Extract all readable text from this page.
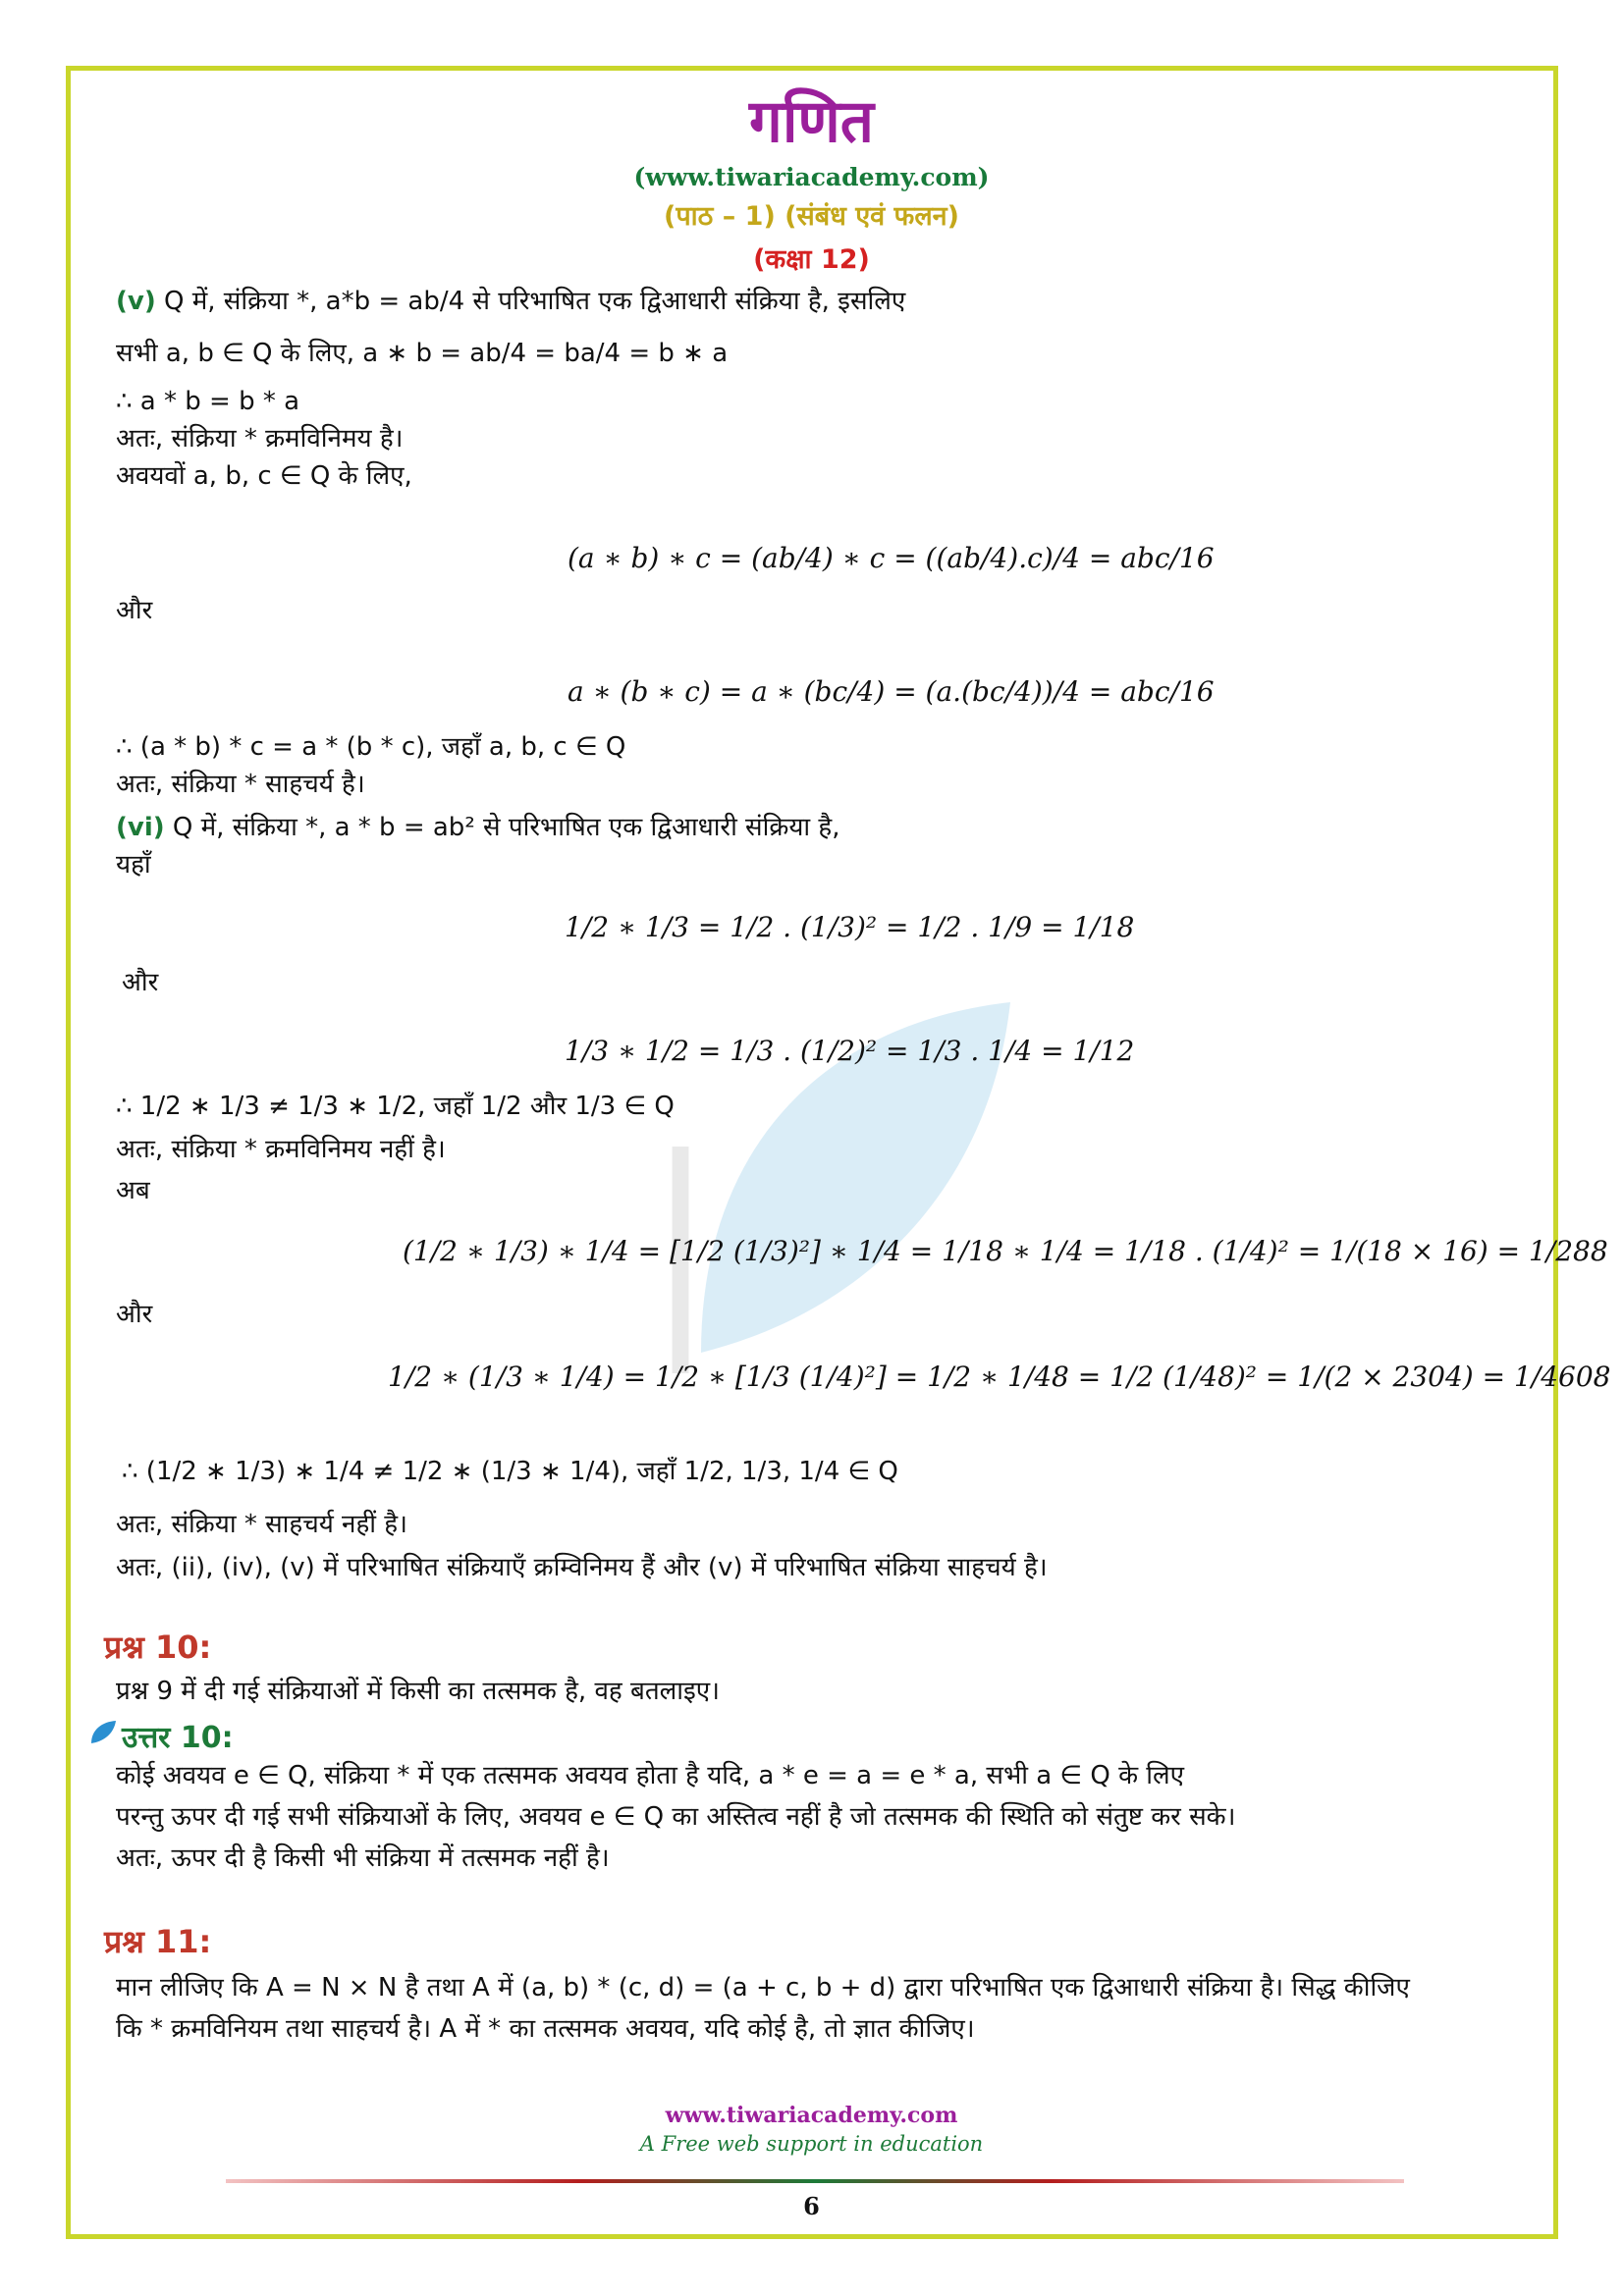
गणित
(www.tiwariacademy.com)
(पाठ – 1) (संबंध एवं फलन)
(कक्षा 12)
(v) Q में, संक्रिया *, a*b = ab/4 से परिभाषित एक द्विआधारी संक्रिया है, इसलिए
सभी a, b ∈ Q के लिए, a ∗ b = ab/4 = ba/4 = b ∗ a
∴ a * b = b * a
अतः, संक्रिया * क्रमविनिमय है।
अवयवों a, b, c ∈ Q के लिए,
(a ∗ b) ∗ c = (ab/4) ∗ c = ((ab/4).c)/4 = abc/16
और
a ∗ (b ∗ c) = a ∗ (bc/4) = (a.(bc/4))/4 = abc/16
∴ (a * b) * c = a * (b * c), जहाँ a, b, c ∈ Q
अतः, संक्रिया * साहचर्य है।
(vi) Q में, संक्रिया *, a * b = ab² से परिभाषित एक द्विआधारी संक्रिया है,
यहाँ
1/2 ∗ 1/3 = 1/2 . (1/3)² = 1/2 . 1/9 = 1/18
और
1/3 ∗ 1/2 = 1/3 . (1/2)² = 1/3 . 1/4 = 1/12
∴ 1/2 ∗ 1/3 ≠ 1/3 ∗ 1/2, जहाँ 1/2 और 1/3 ∈ Q
अतः, संक्रिया * क्रमविनिमय नहीं है।
अब
(1/2 ∗ 1/3) ∗ 1/4 = [1/2 (1/3)²] ∗ 1/4 = 1/18 ∗ 1/4 = 1/18 . (1/4)² = 1/(18 × 16) = 1/288
और
1/2 ∗ (1/3 ∗ 1/4) = 1/2 ∗ [1/3 (1/4)²] = 1/2 ∗ 1/48 = 1/2 (1/48)² = 1/(2 × 2304) = 1/4608
∴ (1/2 ∗ 1/3) ∗ 1/4 ≠ 1/2 ∗ (1/3 ∗ 1/4), जहाँ 1/2, 1/3, 1/4 ∈ Q
अतः, संक्रिया * साहचर्य नहीं है।
अतः, (ii), (iv), (v) में परिभाषित संक्रियाएँ क्रम्विनिमय हैं और (v) में परिभाषित संक्रिया साहचर्य है।
प्रश्न 10:
प्रश्न 9 में दी गई संक्रियाओं में किसी का तत्समक है, वह बतलाइए।
उत्तर 10:
कोई अवयव e ∈ Q, संक्रिया * में एक तत्समक अवयव होता है यदि, a * e = a = e * a, सभी a ∈ Q के लिए
परन्तु ऊपर दी गई सभी संक्रियाओं के लिए, अवयव e ∈ Q का अस्तित्व नहीं है जो तत्समक की स्थिति को संतुष्ट कर सके।
अतः, ऊपर दी है किसी भी संक्रिया में तत्समक नहीं है।
प्रश्न 11:
मान लीजिए कि A = N × N है तथा A में (a, b) * (c, d) = (a + c, b + d) द्वारा परिभाषित एक द्विआधारी संक्रिया है। सिद्ध कीजिए
कि * क्रमविनियम तथा साहचर्य है। A में * का तत्समक अवयव, यदि कोई है, तो ज्ञात कीजिए।
www.tiwariacademy.com
A Free web support in education
6
